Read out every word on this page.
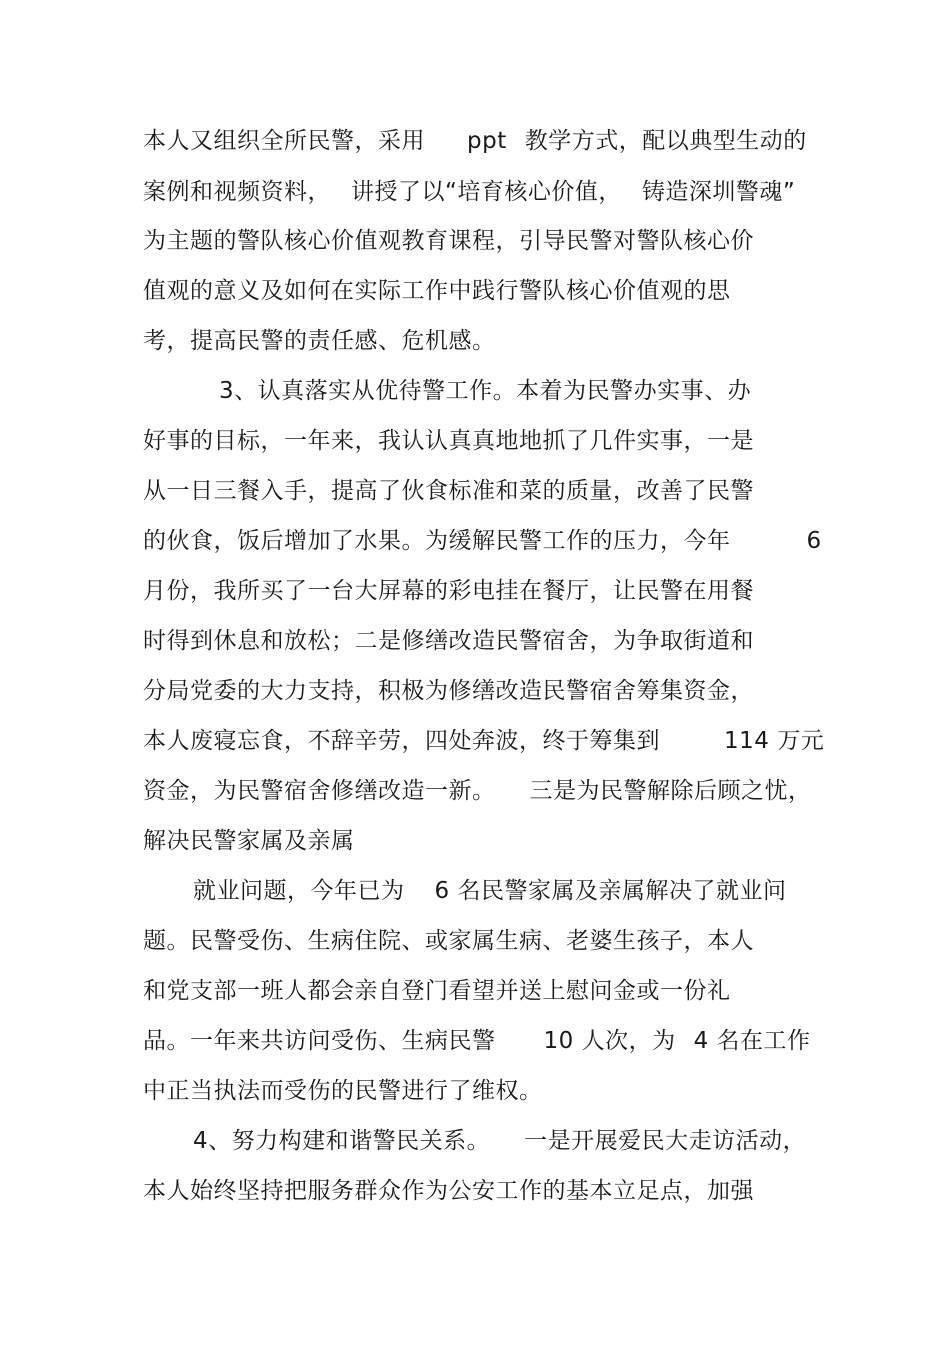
本人又组织全所民警，采用 ppt 教学方式，配以典型生动的
案例和视频资料， 讲授了以“培育核心价值， 铸造深圳警魂”
为主题的警队核心价值观教育课程，引导民警对警队核心价
值观的意义及如何在实际工作中践行警队核心价值观的思
考，提高民警的责任感、危机感。
3、认真落实从优待警工作。本着为民警办实事、办
好事的目标，一年来，我认认真真地地抓了几件实事，一是
从一日三餐入手，提高了伙食标准和菜的质量，改善了民警
的伙食，饭后增加了水果。为缓解民警工作的压力，今年	6
月份，我所买了一台大屏幕的彩电挂在餐厅，让民警在用餐
时得到休息和放松；二是修缮改造民警宿舍，为争取街道和
分局党委的大力支持，积极为修缮改造民警宿舍筹集资金，
本人废寝忘食，不辞辛劳，四处奔波，终于筹集到	114 万元
资金，为民警宿舍修缮改造一新。 三是为民警解除后顾之忧，
解决民警家属及亲属
就业问题，今年已为 6 名民警家属及亲属解决了就业问
题。民警受伤、生病住院、或家属生病、老婆生孩子，本人
和党支部一班人都会亲自登门看望并送上慰问金或一份礼
品。一年来共访问受伤、生病民警 10 人次，为 4 名在工作
中正当执法而受伤的民警进行了维权。
4、努力构建和谐警民关系。 一是开展爱民大走访活动，
本人始终坚持把服务群众作为公安工作的基本立足点，加强
